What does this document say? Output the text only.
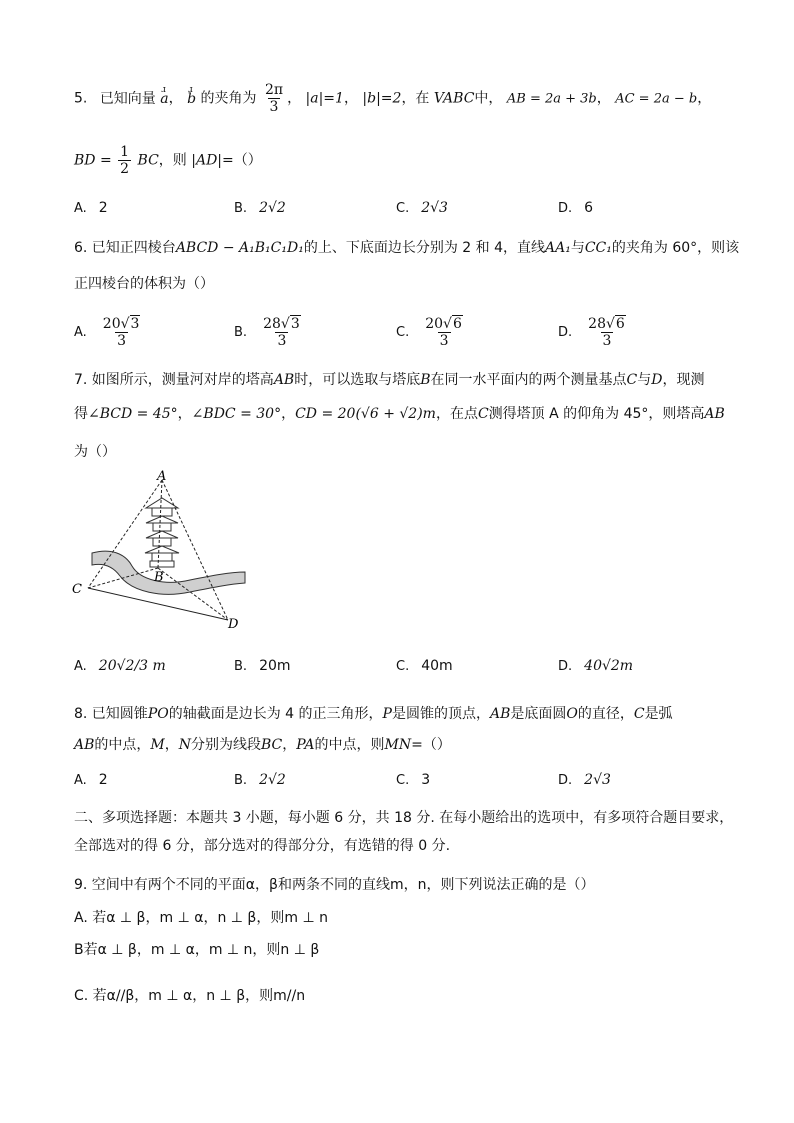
5. 已知向量 ɹ a， ɹ b 的夹角为 $\frac{2\pi}{3}$ ， |a|=1， |b|=2，在 VABC中， AB = 2a + 3b， AC = 2a − b，
BD = $\frac{1}{2}$ BC，则 |AD|=（）
A. 2	B. 2√2	C. 2√3	D. 6
6. 已知正四棱台ABCD − A₁B₁C₁D₁的上、下底面边长分别为 2 和 4，直线AA₁与CC₁的夹角为 60°，则该
正四棱台的体积为（）
A. $\frac{20√3}{3}$	B. $\frac{28√3}{3}$	C. $\frac{20√6}{3}$	D. $\frac{28√6}{3}$
7. 如图所示，测量河对岸的塔高AB时，可以选取与塔底B在同一水平面内的两个测量基点C与D，现测
得∠BCD = 45°，∠BDC = 30°，CD = 20(√6 + √2)m，在点C测得塔顶 A 的仰角为 45°，则塔高AB
为（）
A
B
C
D
A. 20√2/3 m	B. 20m	C. 40m	D. 40√2m
8. 已知圆锥PO的轴截面是边长为 4 的正三角形，P是圆锥的顶点，AB是底面圆O的直径，C是弧
AB的中点，M，N分别为线段BC，PA的中点，则MN=（）
A. 2	B. 2√2	C. 3	D. 2√3
二、多项选择题：本题共 3 小题，每小题 6 分，共 18 分. 在每小题给出的选项中，有多项符合题目要求，
全部选对的得 6 分，部分选对的得部分分，有选错的得 0 分.
9. 空间中有两个不同的平面α，β和两条不同的直线m，n，则下列说法正确的是（）
A. 若α ⊥ β，m ⊥ α，n ⊥ β，则m ⊥ n
B若α ⊥ β，m ⊥ α，m ⊥ n，则n ⊥ β
C. 若α//β，m ⊥ α，n ⊥ β，则m//n
